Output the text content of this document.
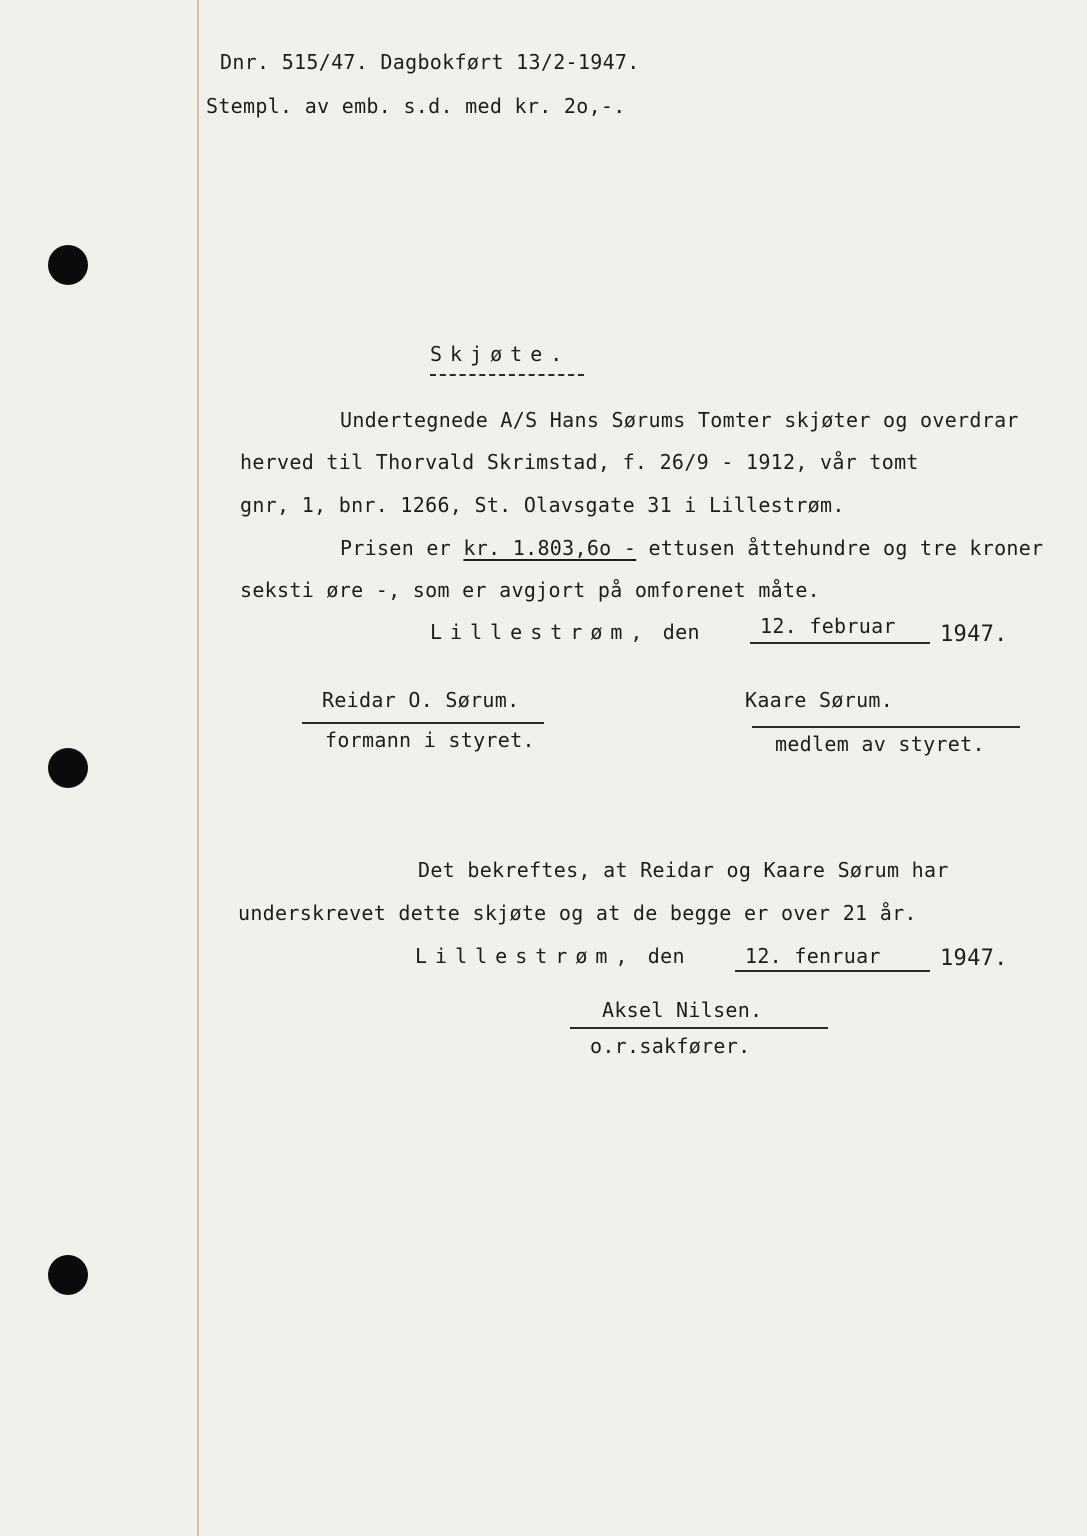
Dnr. 515/47. Dagbokført 13/2-1947.
Stempl. av emb. s.d. med kr. 2o,-.
Skjøte.
Undertegnede A/S Hans Sørums Tomter skjøter og overdrar
herved til Thorvald Skrimstad, f. 26/9 - 1912, vår tomt
gnr, 1, bnr. 1266, St. Olavsgate 31 i Lillestrøm.
Prisen er kr. 1.803,6o - ettusen åttehundre og tre kroner
seksti øre -, som er avgjort på omforenet måte.
Lillestrøm, den	12. februar 1947.
Reidar O. Sørum.
formann i styret.
Kaare Sørum.
medlem av styret.
Det bekreftes, at Reidar og Kaare Sørum har
underskrevet dette skjøte og at de begge er over 21 år.
Lillestrøm, den	12. fenruar	1947.
Aksel Nilsen.
o.r.sakfører.
